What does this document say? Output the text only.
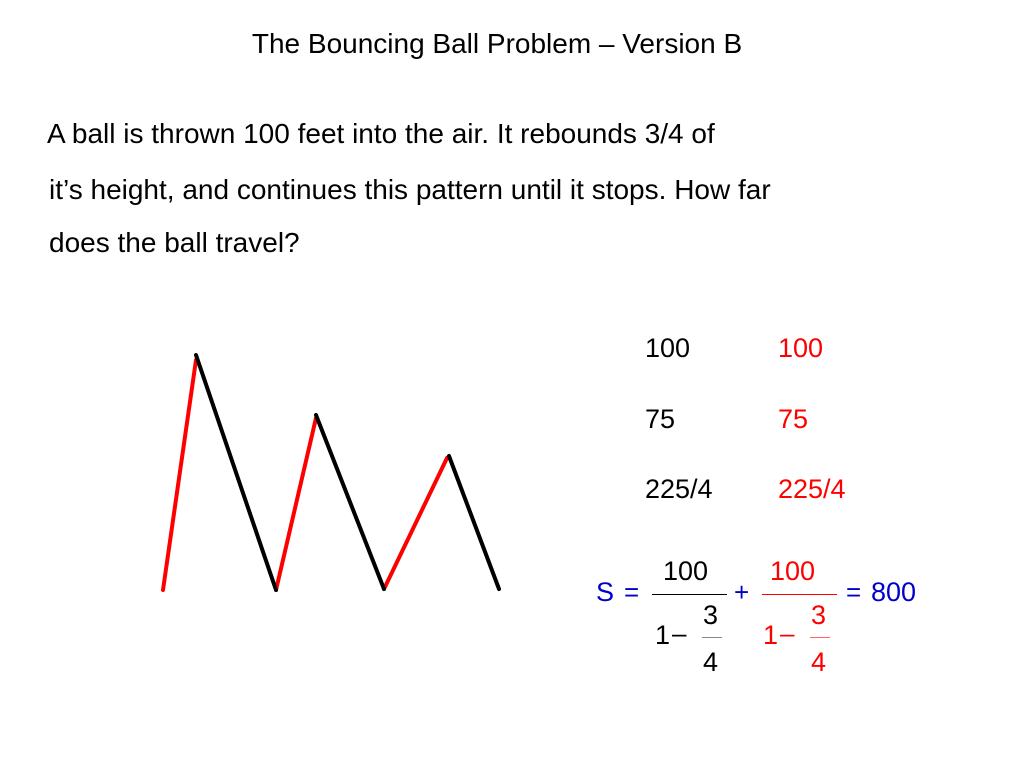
The Bouncing Ball Problem – Version B
A ball is thrown 100 feet into the air. It rebounds 3/4 of
it’s height, and continues this pattern until it stops. How far
does the ball travel?
100
75
225/4
100
75
225/4
S =
100
1 –
3
4
+
100
1 –
3
4
= 800
